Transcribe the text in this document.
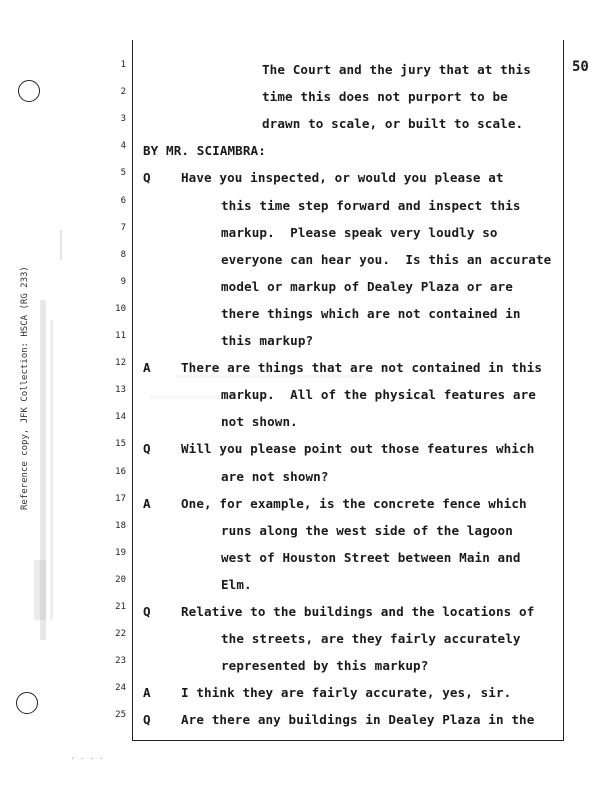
Reference copy, JFK Collection: HSCA (RG 233)
50
1	The Court and the jury that at this
2	time this does not purport to be
3	drawn to scale, or built to scale.
4 BY MR. SCIAMBRA:
5 Q Have you inspected, or would you please at
6	this time step forward and inspect this
7	markup.  Please speak very loudly so
8	everyone can hear you.  Is this an accurate
9	model or markup of Dealey Plaza or are
10	there things which are not contained in
11	this markup?
12 A There are things that are not contained in this
13	markup.  All of the physical features are
14	not shown.
15 Q Will you please point out those features which
16	are not shown?
17 A One, for example, is the concrete fence which
18	runs along the west side of the lagoon
19	west of Houston Street between Main and
20	Elm.
21 Q Relative to the buildings and the locations of
22	the streets, are they fairly accurately
23	represented by this markup?
24 A I think they are fairly accurate, yes, sir.
25 Q Are there any buildings in Dealey Plaza in the
. . . .
